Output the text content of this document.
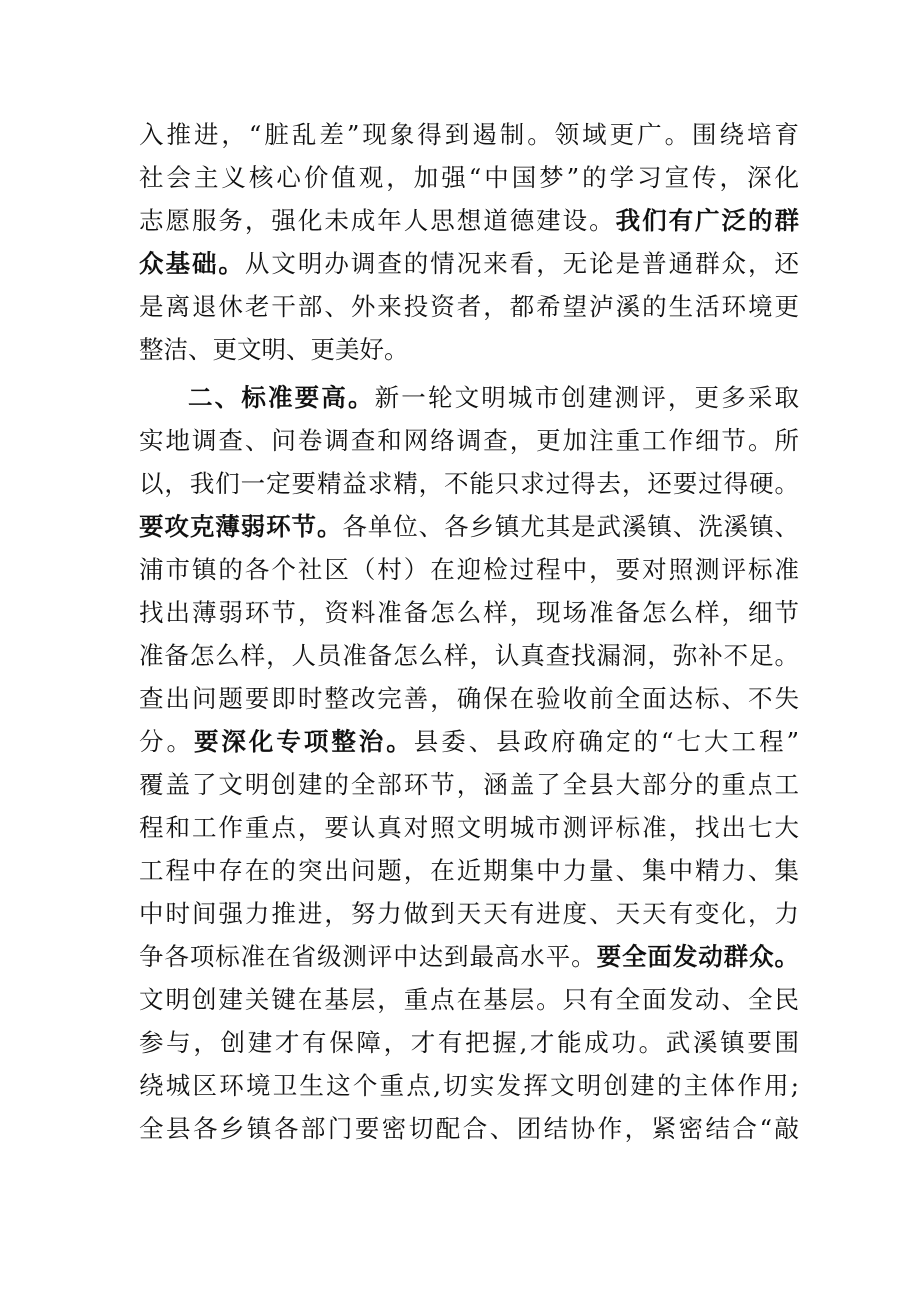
入推进，“脏乱差”现象得到遏制。领域更广。围绕培育
社会主义核心价值观，加强“中国梦”的学习宣传，深化
志愿服务，强化未成年人思想道德建设。我们有广泛的群
众基础。从文明办调查的情况来看，无论是普通群众，还
是离退休老干部、外来投资者，都希望泸溪的生活环境更
整洁、更文明、更美好。
二、标准要高。新一轮文明城市创建测评，更多采取
实地调查、问卷调查和网络调查，更加注重工作细节。所
以，我们一定要精益求精，不能只求过得去，还要过得硬。
要攻克薄弱环节。各单位、各乡镇尤其是武溪镇、洗溪镇、
浦市镇的各个社区（村）在迎检过程中，要对照测评标准
找出薄弱环节，资料准备怎么样，现场准备怎么样，细节
准备怎么样，人员准备怎么样，认真查找漏洞，弥补不足。
查出问题要即时整改完善，确保在验收前全面达标、不失
分。要深化专项整治。县委、县政府确定的“七大工程”
覆盖了文明创建的全部环节，涵盖了全县大部分的重点工
程和工作重点，要认真对照文明城市测评标准，找出七大
工程中存在的突出问题，在近期集中力量、集中精力、集
中时间强力推进，努力做到天天有进度、天天有变化，力
争各项标准在省级测评中达到最高水平。要全面发动群众。
文明创建关键在基层，重点在基层。只有全面发动、全民
参与，创建才有保障，才有把握,才能成功。武溪镇要围
绕城区环境卫生这个重点,切实发挥文明创建的主体作用;
全县各乡镇各部门要密切配合、团结协作，紧密结合“敲
